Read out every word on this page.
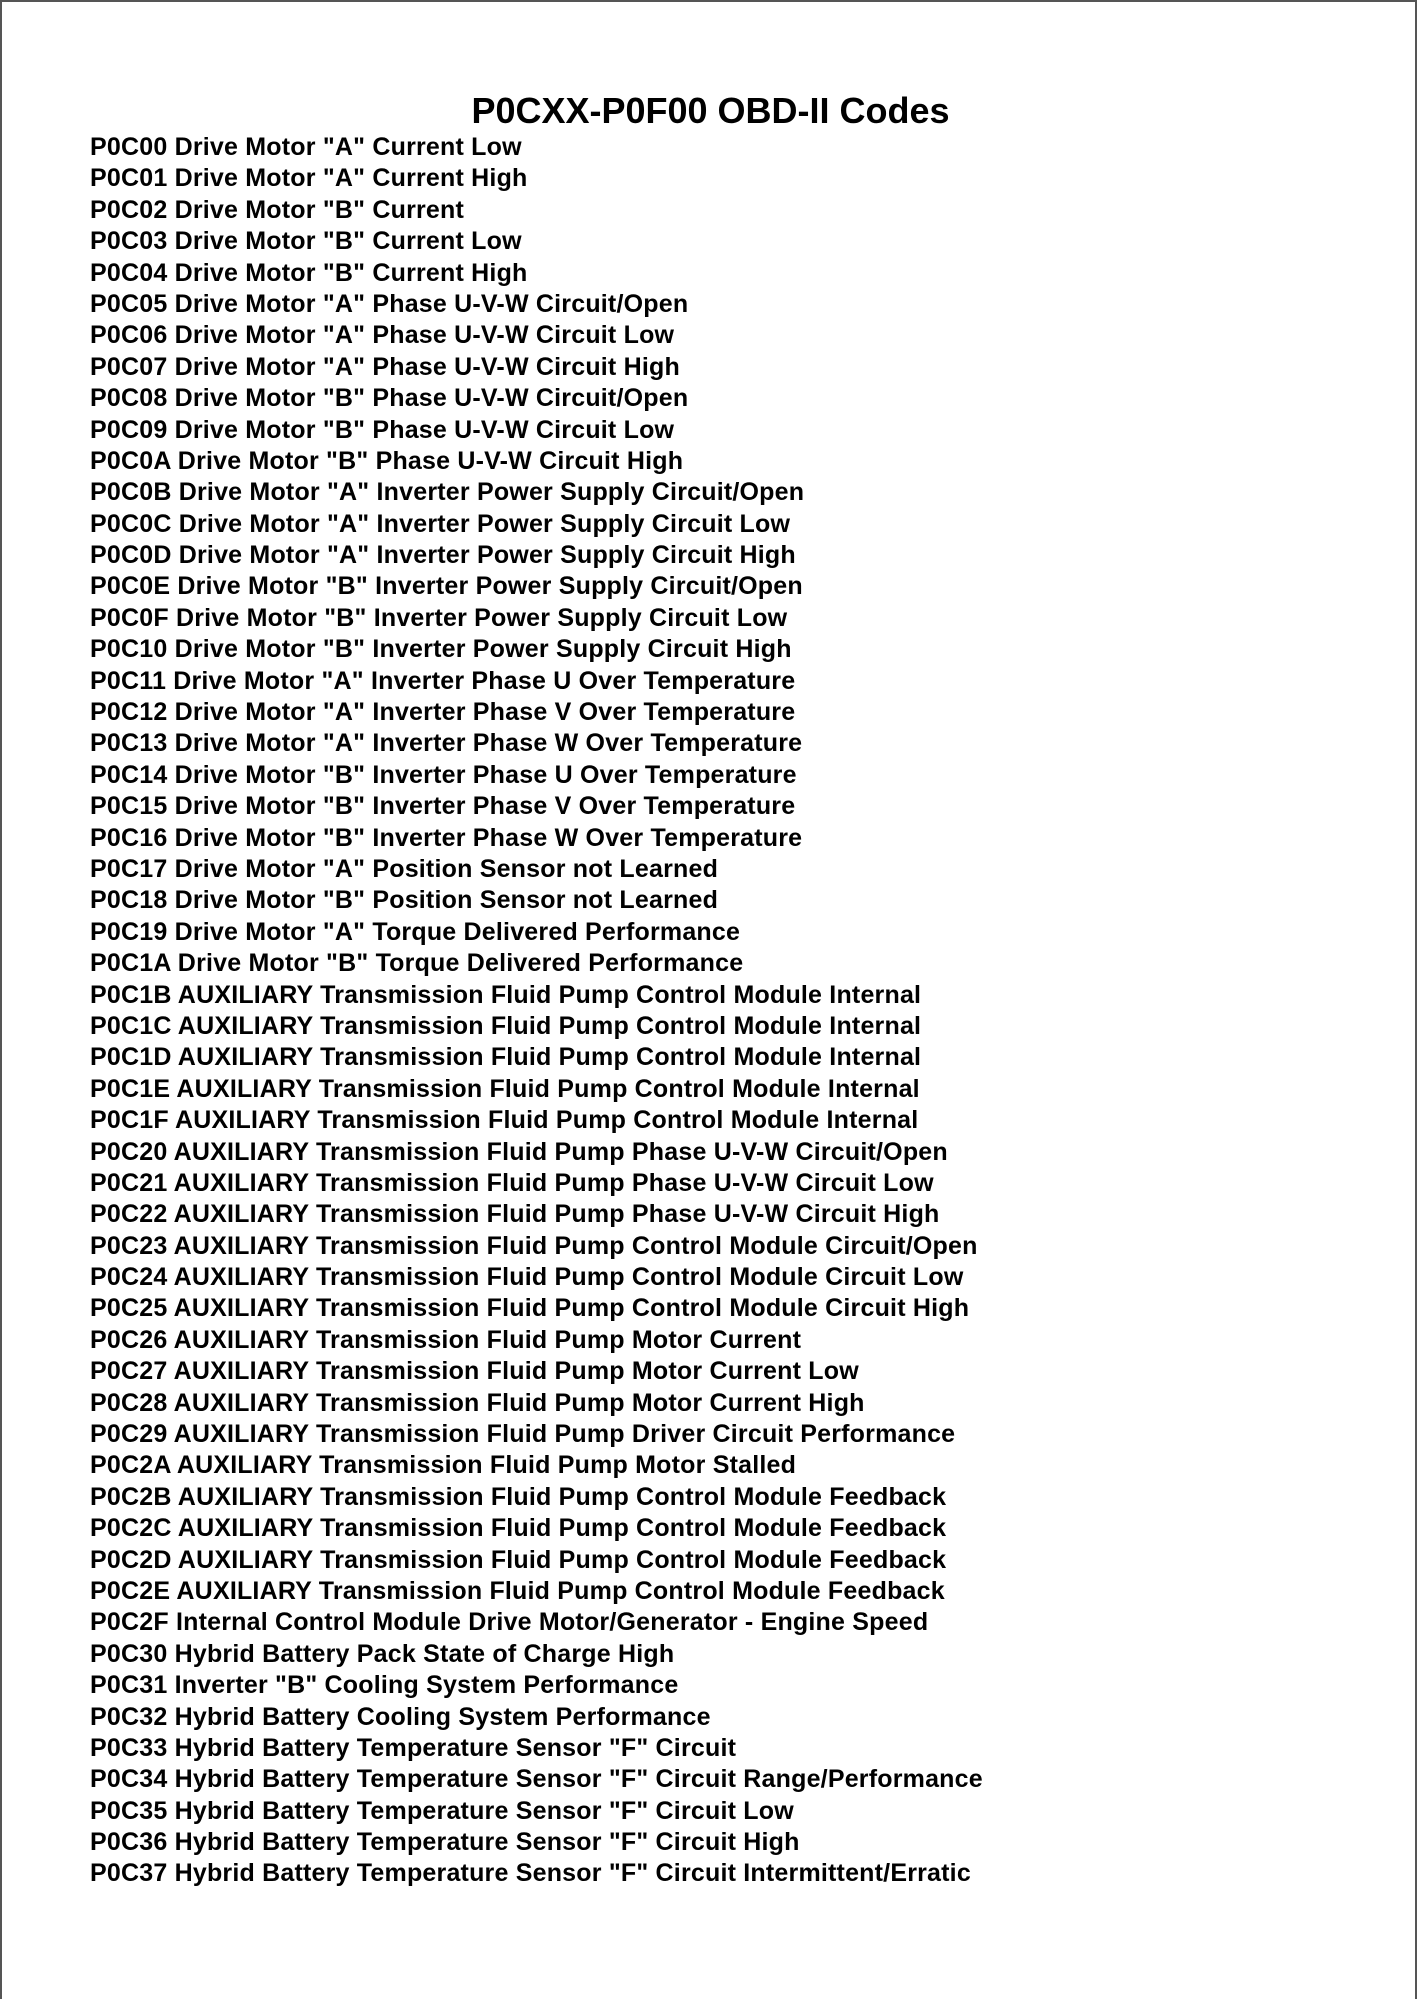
P0CXX-P0F00 OBD-II Codes
P0C00 Drive Motor "A" Current Low
P0C01 Drive Motor "A" Current High
P0C02 Drive Motor "B" Current
P0C03 Drive Motor "B" Current Low
P0C04 Drive Motor "B" Current High
P0C05 Drive Motor "A" Phase U-V-W Circuit/Open
P0C06 Drive Motor "A" Phase U-V-W Circuit Low
P0C07 Drive Motor "A" Phase U-V-W Circuit High
P0C08 Drive Motor "B" Phase U-V-W Circuit/Open
P0C09 Drive Motor "B" Phase U-V-W Circuit Low
P0C0A Drive Motor "B" Phase U-V-W Circuit High
P0C0B Drive Motor "A" Inverter Power Supply Circuit/Open
P0C0C Drive Motor "A" Inverter Power Supply Circuit Low
P0C0D Drive Motor "A" Inverter Power Supply Circuit High
P0C0E Drive Motor "B" Inverter Power Supply Circuit/Open
P0C0F Drive Motor "B" Inverter Power Supply Circuit Low
P0C10 Drive Motor "B" Inverter Power Supply Circuit High
P0C11 Drive Motor "A" Inverter Phase U Over Temperature
P0C12 Drive Motor "A" Inverter Phase V Over Temperature
P0C13 Drive Motor "A" Inverter Phase W Over Temperature
P0C14 Drive Motor "B" Inverter Phase U Over Temperature
P0C15 Drive Motor "B" Inverter Phase V Over Temperature
P0C16 Drive Motor "B" Inverter Phase W Over Temperature
P0C17 Drive Motor "A" Position Sensor not Learned
P0C18 Drive Motor "B" Position Sensor not Learned
P0C19 Drive Motor "A" Torque Delivered Performance
P0C1A Drive Motor "B" Torque Delivered Performance
P0C1B AUXILIARY Transmission Fluid Pump Control Module Internal
P0C1C AUXILIARY Transmission Fluid Pump Control Module Internal
P0C1D AUXILIARY Transmission Fluid Pump Control Module Internal
P0C1E AUXILIARY Transmission Fluid Pump Control Module Internal
P0C1F AUXILIARY Transmission Fluid Pump Control Module Internal
P0C20 AUXILIARY Transmission Fluid Pump Phase U-V-W Circuit/Open
P0C21 AUXILIARY Transmission Fluid Pump Phase U-V-W Circuit Low
P0C22 AUXILIARY Transmission Fluid Pump Phase U-V-W Circuit High
P0C23 AUXILIARY Transmission Fluid Pump Control Module Circuit/Open
P0C24 AUXILIARY Transmission Fluid Pump Control Module Circuit Low
P0C25 AUXILIARY Transmission Fluid Pump Control Module Circuit High
P0C26 AUXILIARY Transmission Fluid Pump Motor Current
P0C27 AUXILIARY Transmission Fluid Pump Motor Current Low
P0C28 AUXILIARY Transmission Fluid Pump Motor Current High
P0C29 AUXILIARY Transmission Fluid Pump Driver Circuit Performance
P0C2A AUXILIARY Transmission Fluid Pump Motor Stalled
P0C2B AUXILIARY Transmission Fluid Pump Control Module Feedback
P0C2C AUXILIARY Transmission Fluid Pump Control Module Feedback
P0C2D AUXILIARY Transmission Fluid Pump Control Module Feedback
P0C2E AUXILIARY Transmission Fluid Pump Control Module Feedback
P0C2F Internal Control Module Drive Motor/Generator - Engine Speed
P0C30 Hybrid Battery Pack State of Charge High
P0C31 Inverter "B" Cooling System Performance
P0C32 Hybrid Battery Cooling System Performance
P0C33 Hybrid Battery Temperature Sensor "F" Circuit
P0C34 Hybrid Battery Temperature Sensor "F" Circuit Range/Performance
P0C35 Hybrid Battery Temperature Sensor "F" Circuit Low
P0C36 Hybrid Battery Temperature Sensor "F" Circuit High
P0C37 Hybrid Battery Temperature Sensor "F" Circuit Intermittent/Erratic
